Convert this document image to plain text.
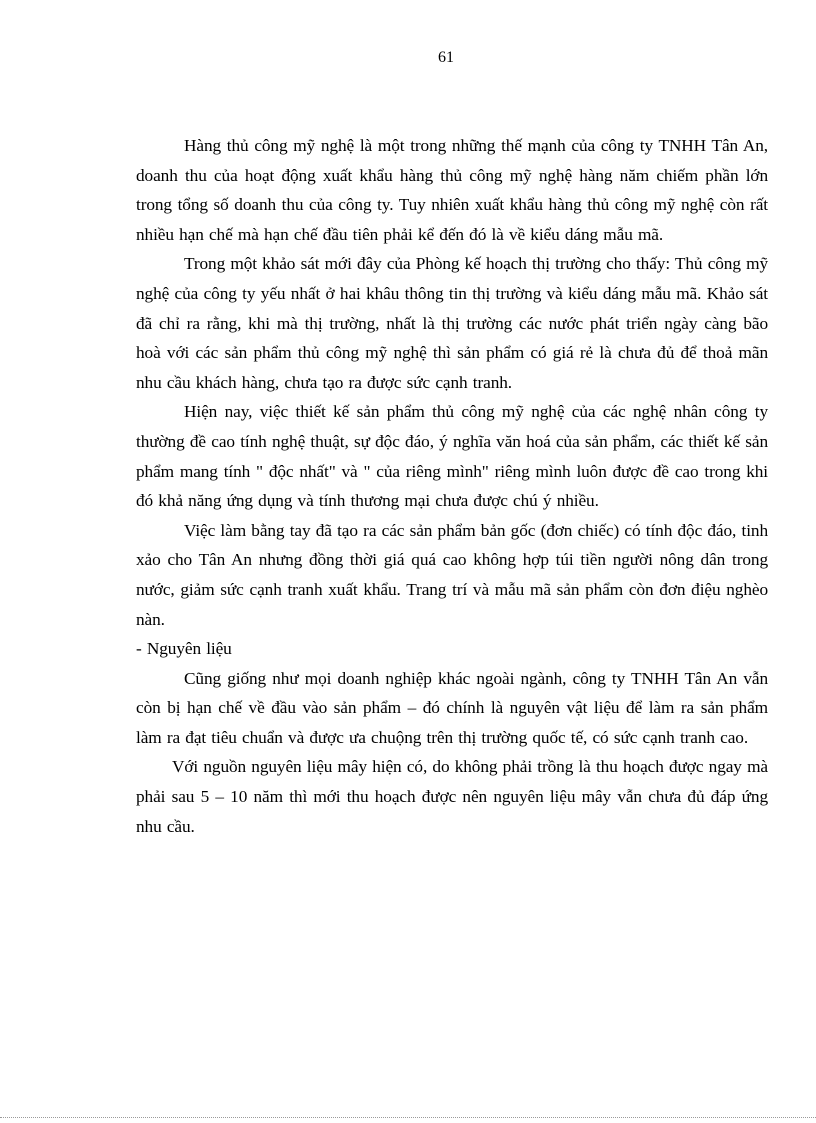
61

Hàng thủ công mỹ nghệ là một trong những thế mạnh của công ty TNHH Tân An, doanh thu của hoạt động xuất khẩu hàng thủ công mỹ nghệ hàng năm chiếm phần lớn trong tổng số doanh thu của công ty. Tuy nhiên xuất khẩu hàng thủ công mỹ nghệ còn rất nhiều hạn chế mà hạn chế đầu tiên phải kể đến đó là về kiểu dáng mẫu mã.

Trong một khảo sát mới đây của Phòng kế hoạch thị trường cho thấy: Thủ công mỹ nghệ của công ty yếu nhất ở hai khâu thông tin thị trường và kiểu dáng mẫu mã. Khảo sát đã chỉ ra rằng, khi mà thị trường, nhất là thị trường các nước phát triển ngày càng bão hoà với các sản phẩm thủ công mỹ nghệ thì sản phẩm có giá rẻ là chưa đủ để thoả mãn nhu cầu khách hàng, chưa tạo ra được sức cạnh tranh.

Hiện nay, việc thiết kế sản phẩm thủ công mỹ nghệ của các nghệ nhân công ty thường đề cao tính nghệ thuật, sự độc đáo, ý nghĩa văn hoá của sản phẩm, các thiết kế sản phẩm mang tính " độc nhất" và " của riêng mình" riêng mình luôn được đề cao trong khi đó khả năng ứng dụng và tính thương mại chưa được chú ý nhiều.

Việc làm bằng tay đã tạo ra các sản phẩm bản gốc (đơn chiếc) có tính độc đáo, tinh xảo cho Tân An nhưng đồng thời giá quá cao không hợp túi tiền người nông dân trong nước, giảm sức cạnh tranh xuất khẩu. Trang trí và mẫu mã sản phẩm còn đơn điệu nghèo nàn.

- Nguyên liệu

Cũng giống như mọi doanh nghiệp khác ngoài ngành, công ty TNHH Tân An vẫn còn bị hạn chế về đầu vào sản phẩm – đó chính là nguyên vật liệu để làm ra sản phẩm làm ra đạt tiêu chuẩn và được ưa chuộng trên thị trường quốc tế, có sức cạnh tranh cao.

Với nguồn nguyên liệu mây hiện có, do không phải trồng là thu hoạch được ngay mà phải sau 5 – 10 năm thì mới thu hoạch được nên nguyên liệu mây vẫn chưa đủ đáp ứng nhu cầu.
